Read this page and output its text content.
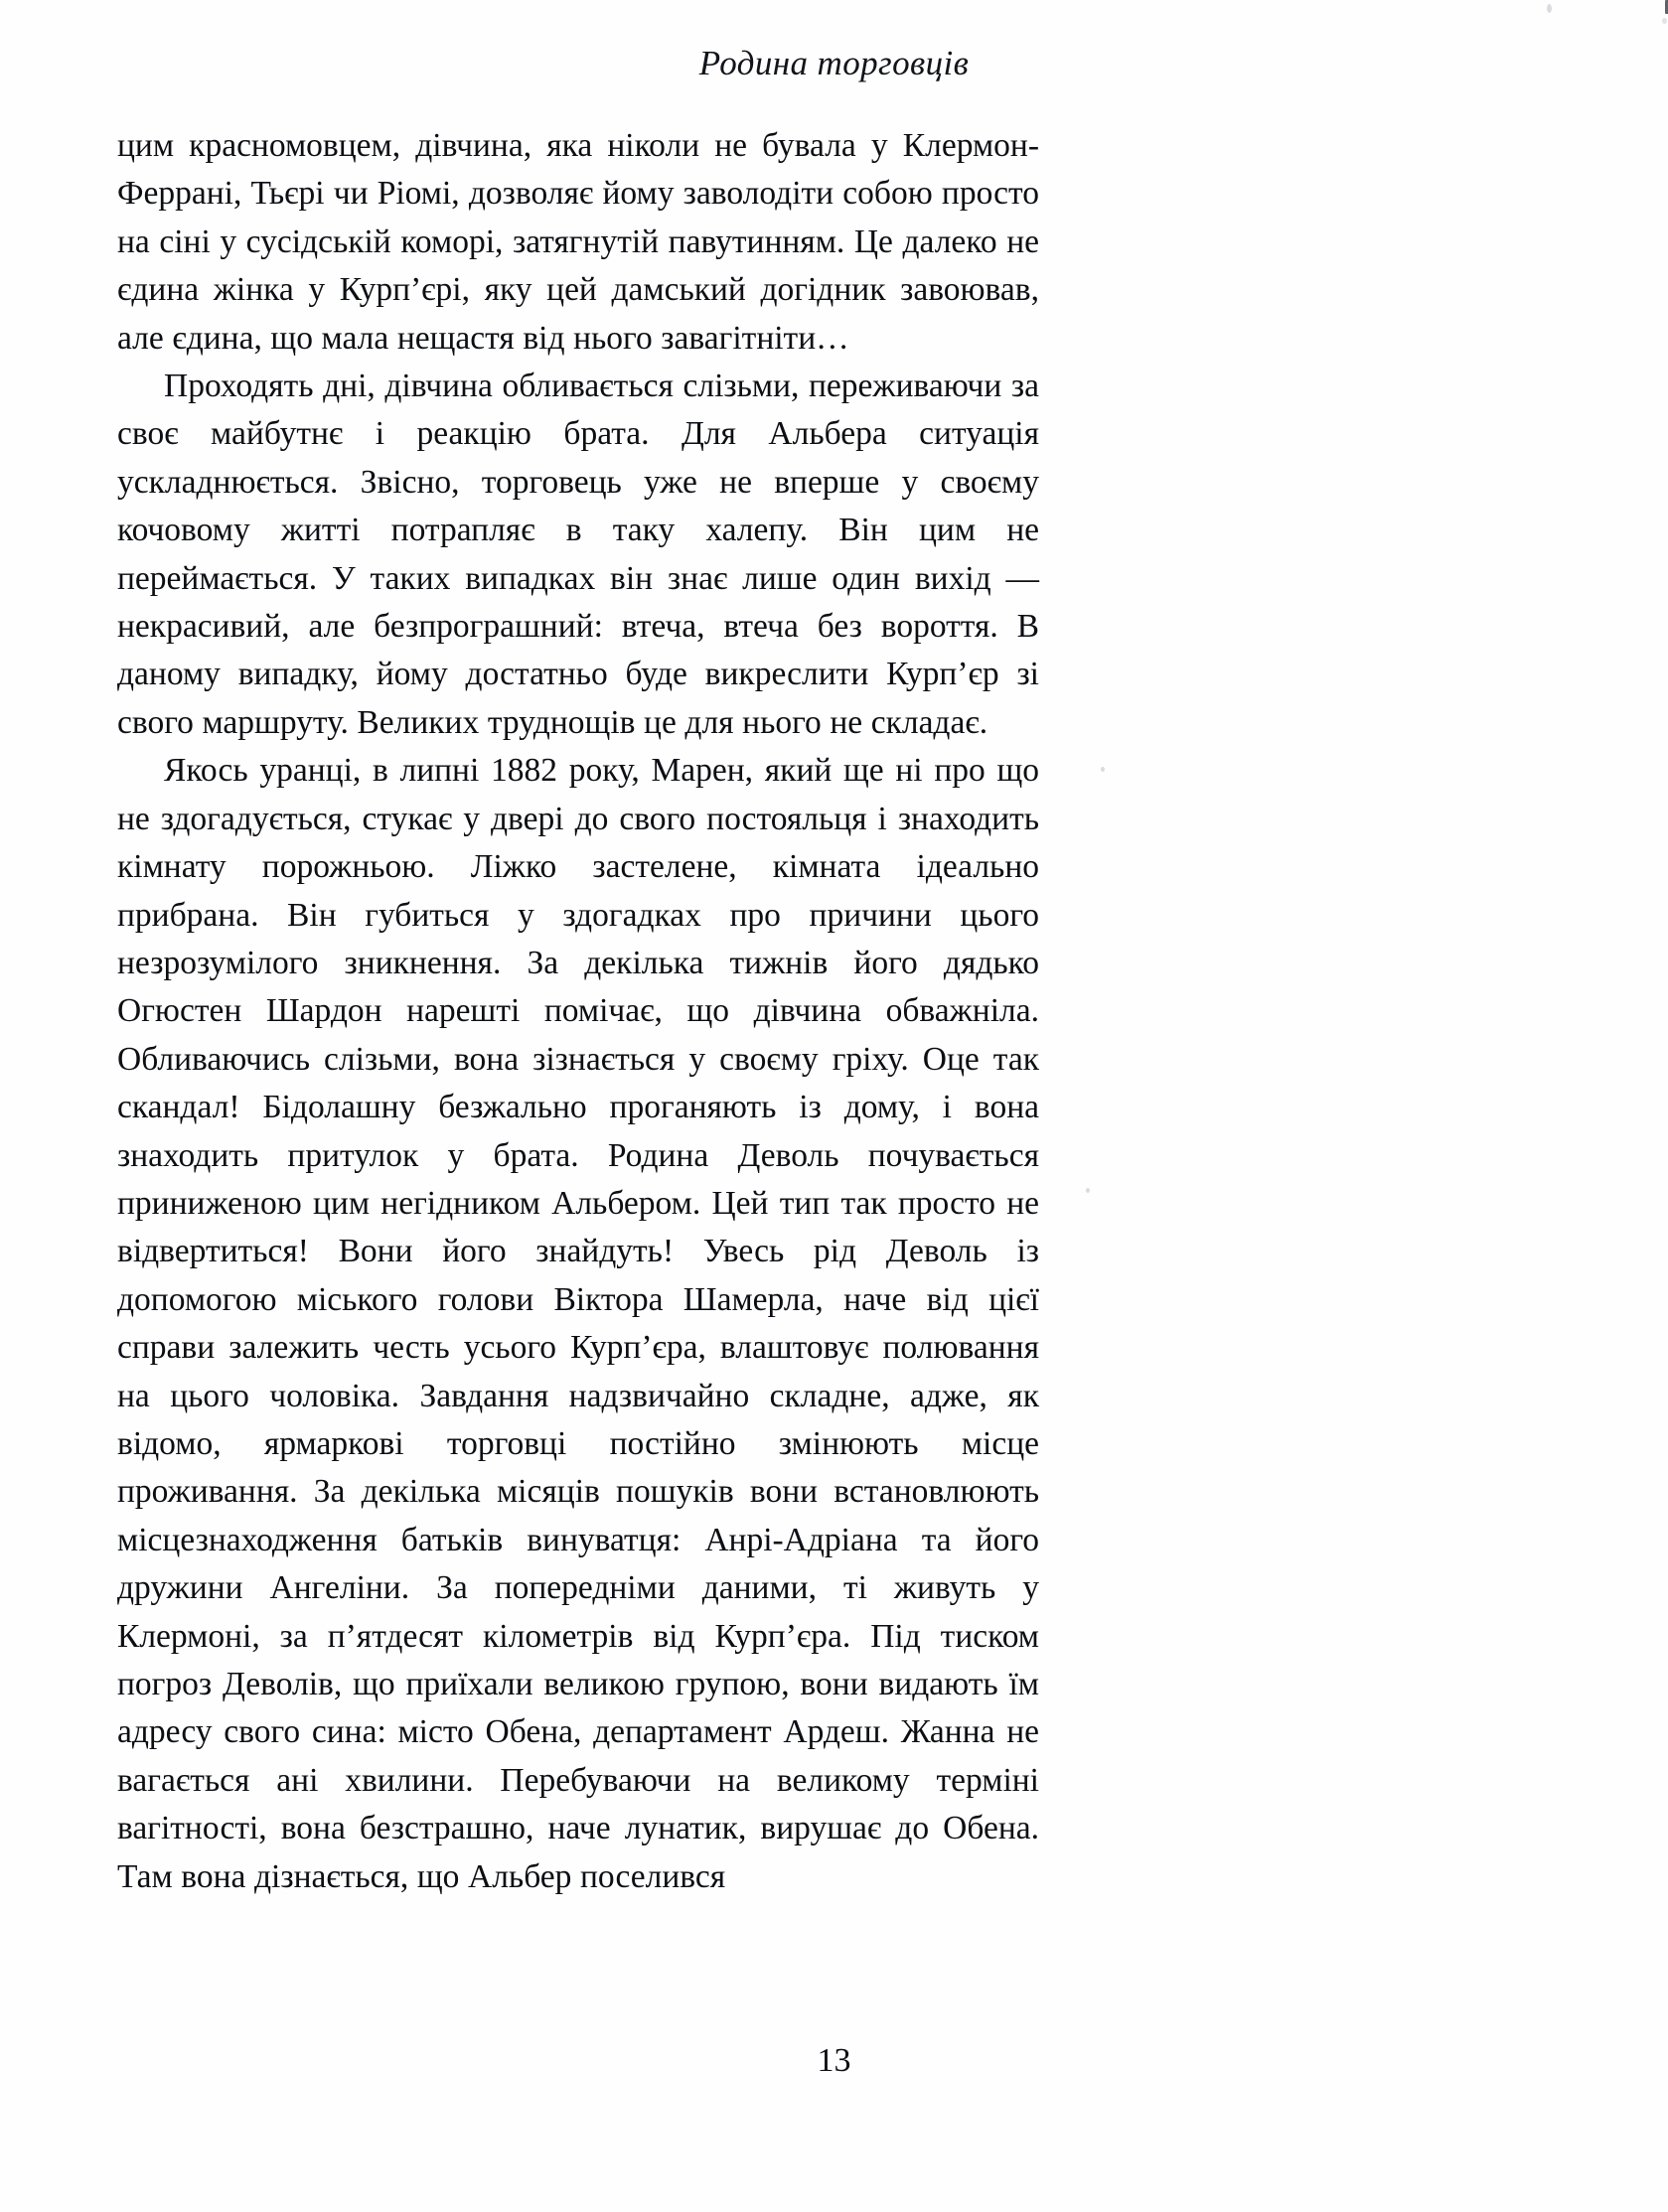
Родина торговців

цим красномовцем, дівчина, яка ніколи не бувала у Клермон-Феррані, Тьєрі чи Ріомі, дозволяє йому заволодіти собою просто на сіні у сусідській коморі, затягнутій павутинням. Це далеко не єдина жінка у Курп’єрі, яку цей дамський догідник завоював, але єдина, що мала нещастя від нього завагітніти…

Проходять дні, дівчина обливається слізьми, переживаючи за своє майбутнє і реакцію брата. Для Альбера ситуація ускладнюється. Звісно, торговець уже не вперше у своєму кочовому житті потрапляє в таку халепу. Він цим не переймається. У таких випадках він знає лише один вихід — некрасивий, але безпрограшний: втеча, втеча без вороття. В даному випадку, йому достатньо буде викреслити Курп’єр зі свого маршруту. Великих труднощів це для нього не складає.

Якось уранці, в липні 1882 року, Марен, який ще ні про що не здогадується, стукає у двері до свого постояльця і знаходить кімнату порожньою. Ліжко застелене, кімната ідеально прибрана. Він губиться у здогадках про причини цього незрозумілого зникнення. За декілька тижнів його дядько Огюстен Шардон нарешті помічає, що дівчина обважніла. Обливаючись слізьми, вона зізнається у своєму гріху. Оце так скандал! Бідолашну безжально проганяють із дому, і вона знаходить притулок у брата. Родина Деволь почувається приниженою цим негідником Альбером. Цей тип так просто не відвертиться! Вони його знайдуть! Увесь рід Деволь із допомогою міського голови Віктора Шамерла, наче від цієї справи залежить честь усього Курп’єра, влаштовує полювання на цього чоловіка. Завдання надзвичайно складне, адже, як відомо, ярмаркові торговці постійно змінюють місце проживання. За декілька місяців пошуків вони встановлюють місцезнаходження батьків винуватця: Анрі-Адріана та його дружини Ангеліни. За попередніми даними, ті живуть у Клермоні, за п’ятдесят кілометрів від Курп’єра. Під тиском погроз Деволів, що приїхали великою групою, вони видають їм адресу свого сина: місто Обена, департамент Ардеш. Жанна не вагається ані хвилини. Перебуваючи на великому терміні вагітності, вона безстрашно, наче лунатик, вирушає до Обена. Там вона дізнається, що Альбер поселився

13
